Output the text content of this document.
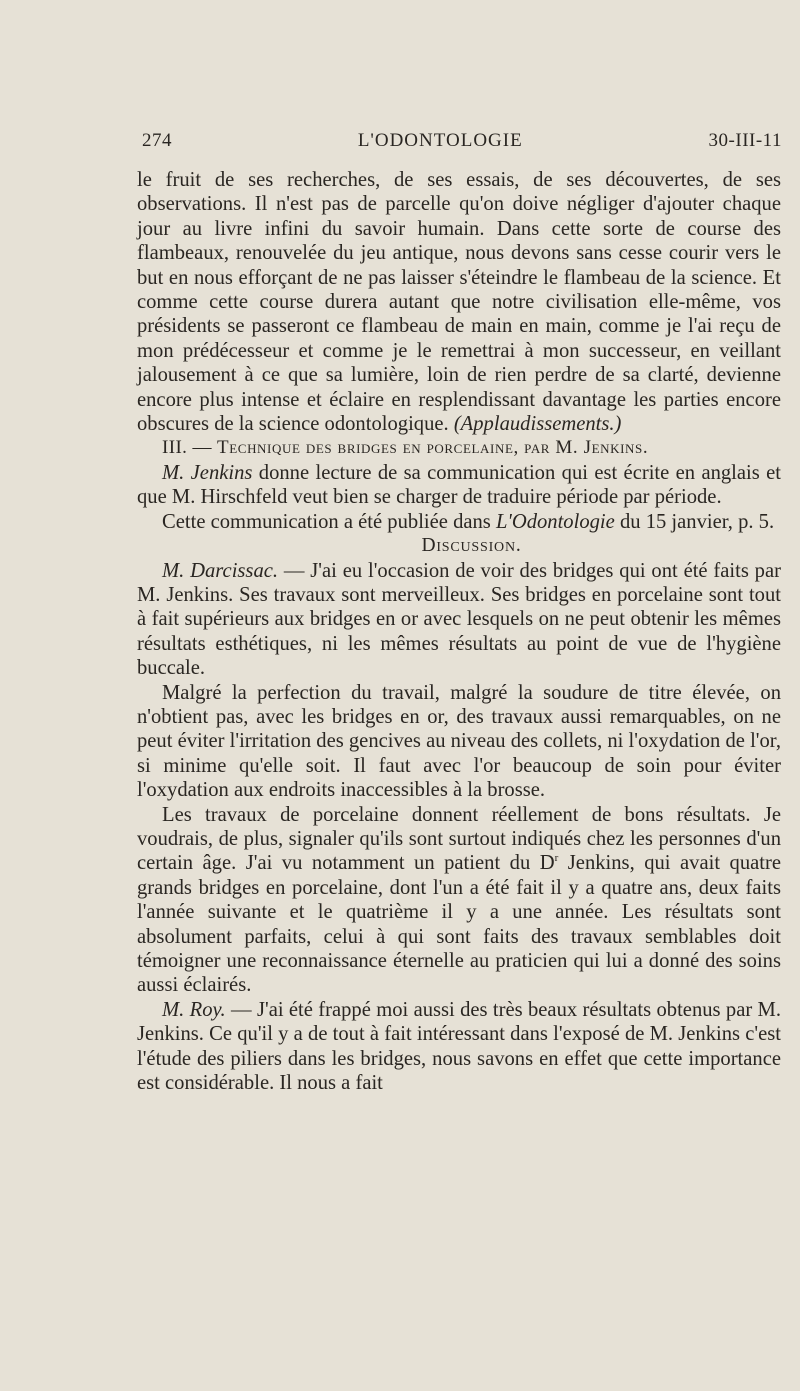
274	L'ODONTOLOGIE	30-III-11

le fruit de ses recherches, de ses essais, de ses découvertes, de ses observations. Il n'est pas de parcelle qu'on doive négliger d'ajouter chaque jour au livre infini du savoir humain. Dans cette sorte de course des flambeaux, renouvelée du jeu antique, nous devons sans cesse courir vers le but en nous efforçant de ne pas laisser s'éteindre le flambeau de la science. Et comme cette course durera autant que notre civilisation elle-même, vos présidents se passeront ce flambeau de main en main, comme je l'ai reçu de mon prédécesseur et comme je le remettrai à mon successeur, en veillant jalousement à ce que sa lumière, loin de rien perdre de sa clarté, devienne encore plus intense et éclaire en resplendissant davantage les parties encore obscures de la science odontologique. (Applaudissements.)

III. — Technique des bridges en porcelaine, par M. Jenkins.

M. Jenkins donne lecture de sa communication qui est écrite en anglais et que M. Hirschfeld veut bien se charger de traduire période par période.

Cette communication a été publiée dans L'Odontologie du 15 janvier, p. 5.

Discussion.

M. Darcissac. — J'ai eu l'occasion de voir des bridges qui ont été faits par M. Jenkins. Ses travaux sont merveilleux. Ses bridges en porcelaine sont tout à fait supérieurs aux bridges en or avec lesquels on ne peut obtenir les mêmes résultats esthétiques, ni les mêmes résultats au point de vue de l'hygiène buccale.

Malgré la perfection du travail, malgré la soudure de titre élevée, on n'obtient pas, avec les bridges en or, des travaux aussi remarquables, on ne peut éviter l'irritation des gencives au niveau des collets, ni l'oxydation de l'or, si minime qu'elle soit. Il faut avec l'or beaucoup de soin pour éviter l'oxydation aux endroits inaccessibles à la brosse.

Les travaux de porcelaine donnent réellement de bons résultats. Je voudrais, de plus, signaler qu'ils sont surtout indiqués chez les personnes d'un certain âge. J'ai vu notamment un patient du $D^r$ Jenkins, qui avait quatre grands bridges en porcelaine, dont l'un a été fait il y a quatre ans, deux faits l'année suivante et le quatrième il y a une année. Les résultats sont absolument parfaits, celui à qui sont faits des travaux semblables doit témoigner une reconnaissance éternelle au praticien qui lui a donné des soins aussi éclairés.

M. Roy. — J'ai été frappé moi aussi des très beaux résultats obtenus par M. Jenkins. Ce qu'il y a de tout à fait intéressant dans l'exposé de M. Jenkins c'est l'étude des piliers dans les bridges, nous savons en effet que cette importance est considérable. Il nous a fait
